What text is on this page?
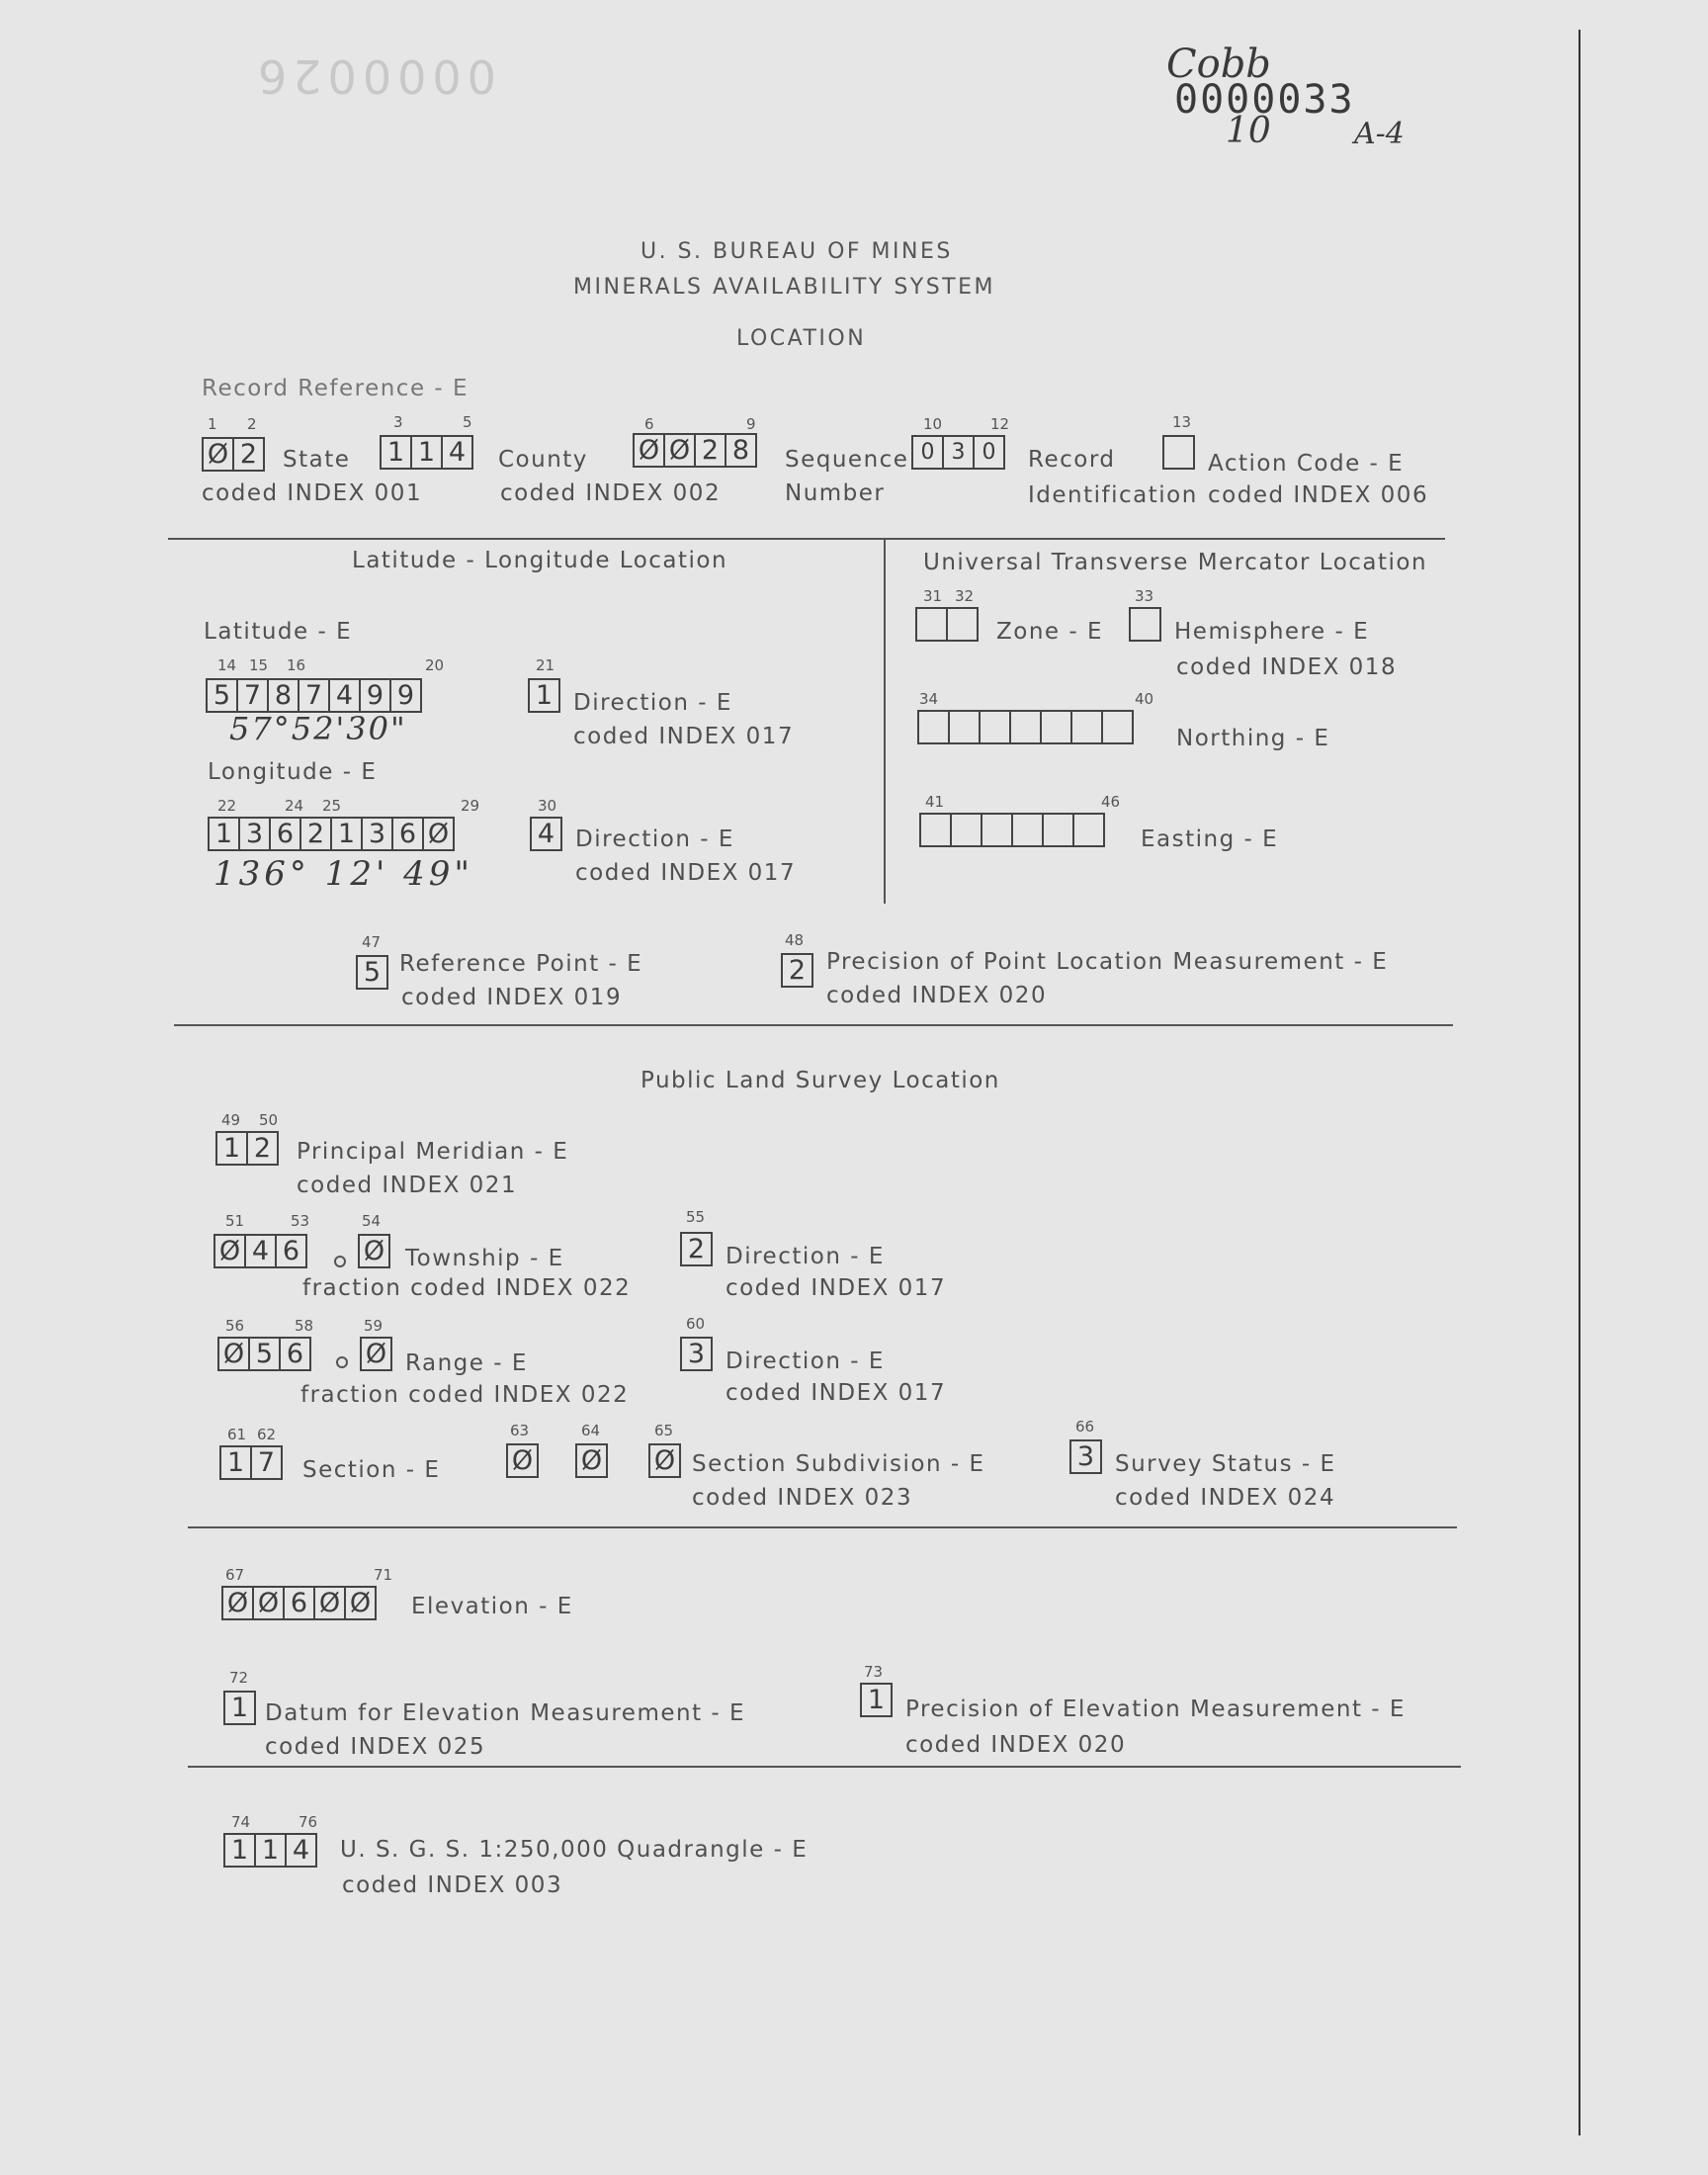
0000026	Cobb
0000033
10	A-4
U. S. BUREAU OF MINES
MINERALS AVAILABILITY SYSTEM
LOCATION
Record Reference - E
1 2
Ø 2	State
coded INDEX 001
3	5
1 1 4	County
coded INDEX 002
6	9
Ø Ø 2 8	Sequence
Number
10	12
0 3 0	Record
Identification
13
Action Code - E
coded INDEX 006
Latitude - Longitude Location
Latitude - E
14 15 16	20
5 7 8 7 4 9 9
57°52'30"
21
1 Direction - E
coded INDEX 017
Longitude - E
22	24 25	29
1 3 6 2 1 3 6 Ø
136° 12' 49"
30
4 Direction - E
coded INDEX 017
Universal Transverse Mercator Location
31 32
Zone - E
33
Hemisphere - E
coded INDEX 018
34	40
Northing - E
41	46
Easting - E
47
5 Reference Point - E
coded INDEX 019
48
2 Precision of Point Location Measurement - E
coded INDEX 020
Public Land Survey Location
49 50
1 2	Principal Meridian - E
coded INDEX 021
51	53	54
Ø 4 6 Ø Township - E
fraction coded INDEX 022
55
2 Direction - E
coded INDEX 017
56	58	59
Ø 5 6 Ø Range - E
fraction coded INDEX 022
60
3 Direction - E
coded INDEX 017
61 62
1 7	Section - E
63	64	65
Ø Ø Ø Section Subdivision - E
coded INDEX 023
66
3 Survey Status - E
coded INDEX 024
67	71
Ø Ø 6 Ø Ø Elevation - E
72
1 Datum for Elevation Measurement - E
coded INDEX 025
73
1 Precision of Elevation Measurement - E
coded INDEX 020
74	76
1 1 4	U. S. G. S. 1:250,000 Quadrangle - E
coded INDEX 003
